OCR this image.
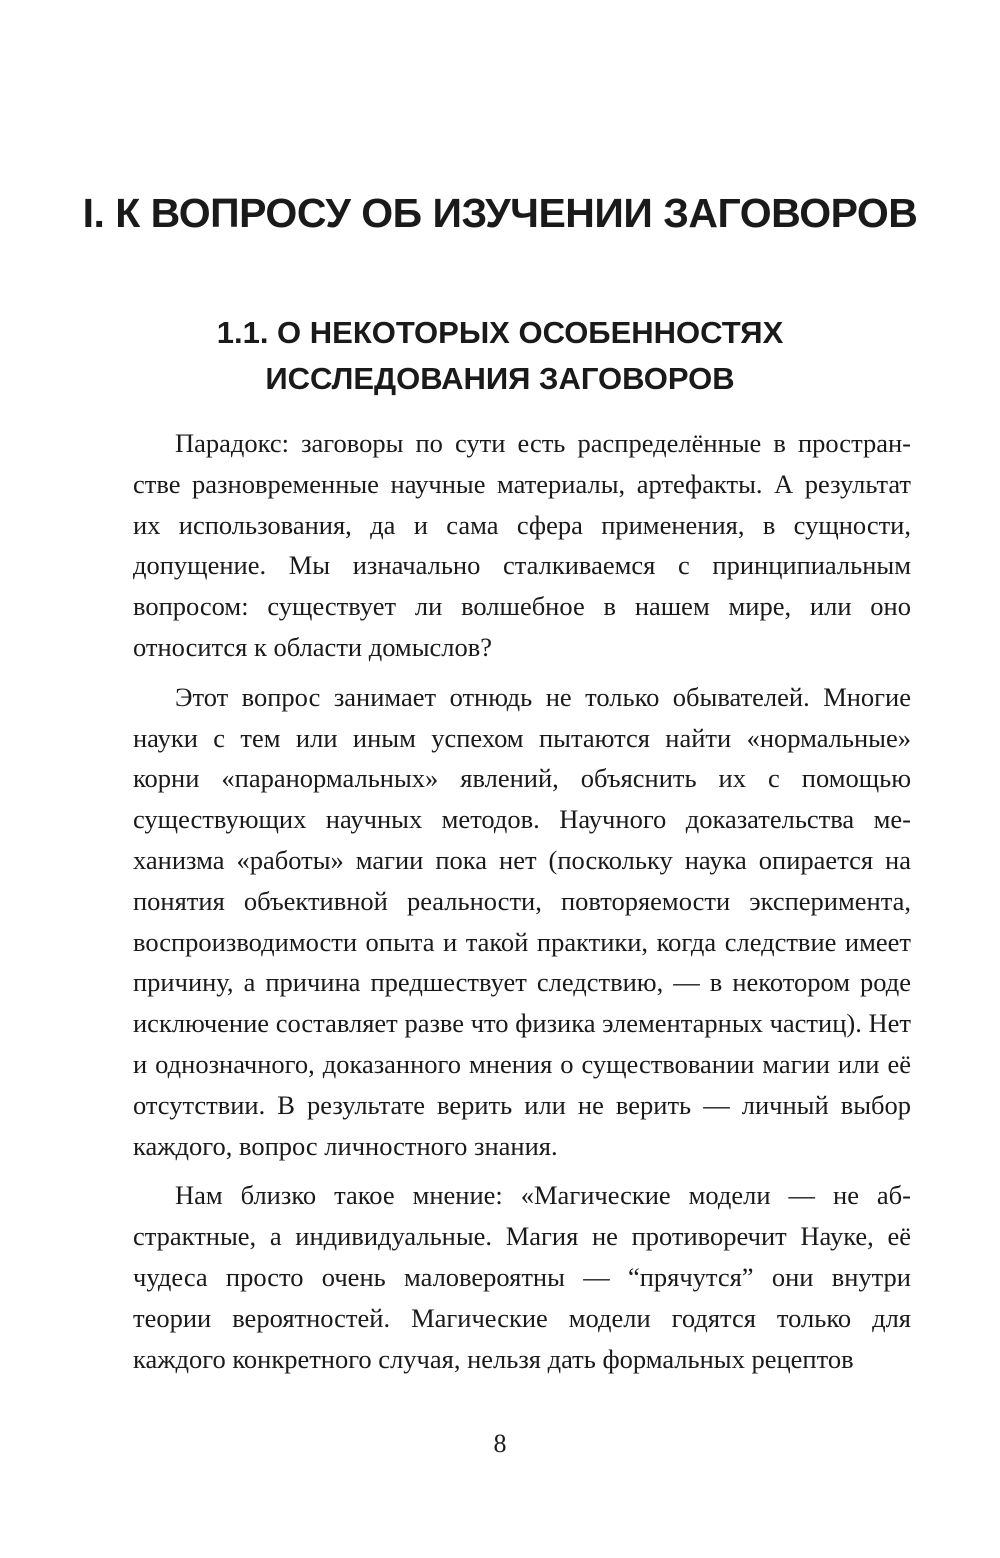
I. К ВОПРОСУ ОБ ИЗУЧЕНИИ ЗАГОВОРОВ
1.1. О НЕКОТОРЫХ ОСОБЕННОСТЯХ
ИССЛЕДОВАНИЯ ЗАГОВОРОВ

Парадокс: заговоры по сути есть распределённые в пространстве разновременные научные материалы, артефакты. А результат их использования, да и сама сфера применения, в сущности, допущение. Мы изначально сталкиваемся с принципиальным вопросом: существует ли волшебное в нашем мире, или оно относится к области домыслов?

Этот вопрос занимает отнюдь не только обывателей. Многие науки с тем или иным успехом пытаются найти «нормальные» корни «паранормальных» явлений, объяснить их с помощью существующих научных методов. Научного доказательства механизма «работы» магии пока нет (поскольку наука опирается на понятия объективной реальности, повторяемости эксперимента, воспроизводимости опыта и такой практики, когда следствие имеет причину, а причина предшествует следствию, — в некотором роде исключение составляет разве что физика элементарных частиц). Нет и однозначного, доказанного мнения о существовании магии или её отсутствии. В результате верить или не верить — личный выбор каждого, вопрос личностного знания.

Нам близко такое мнение: «Магические модели — не абстрактные, а индивидуальные. Магия не противоречит Науке, её чудеса просто очень маловероятны — “прячутся” они внутри теории вероятностей. Магические модели годятся только для каждого конкретного случая, нельзя дать формальных рецептов

8
